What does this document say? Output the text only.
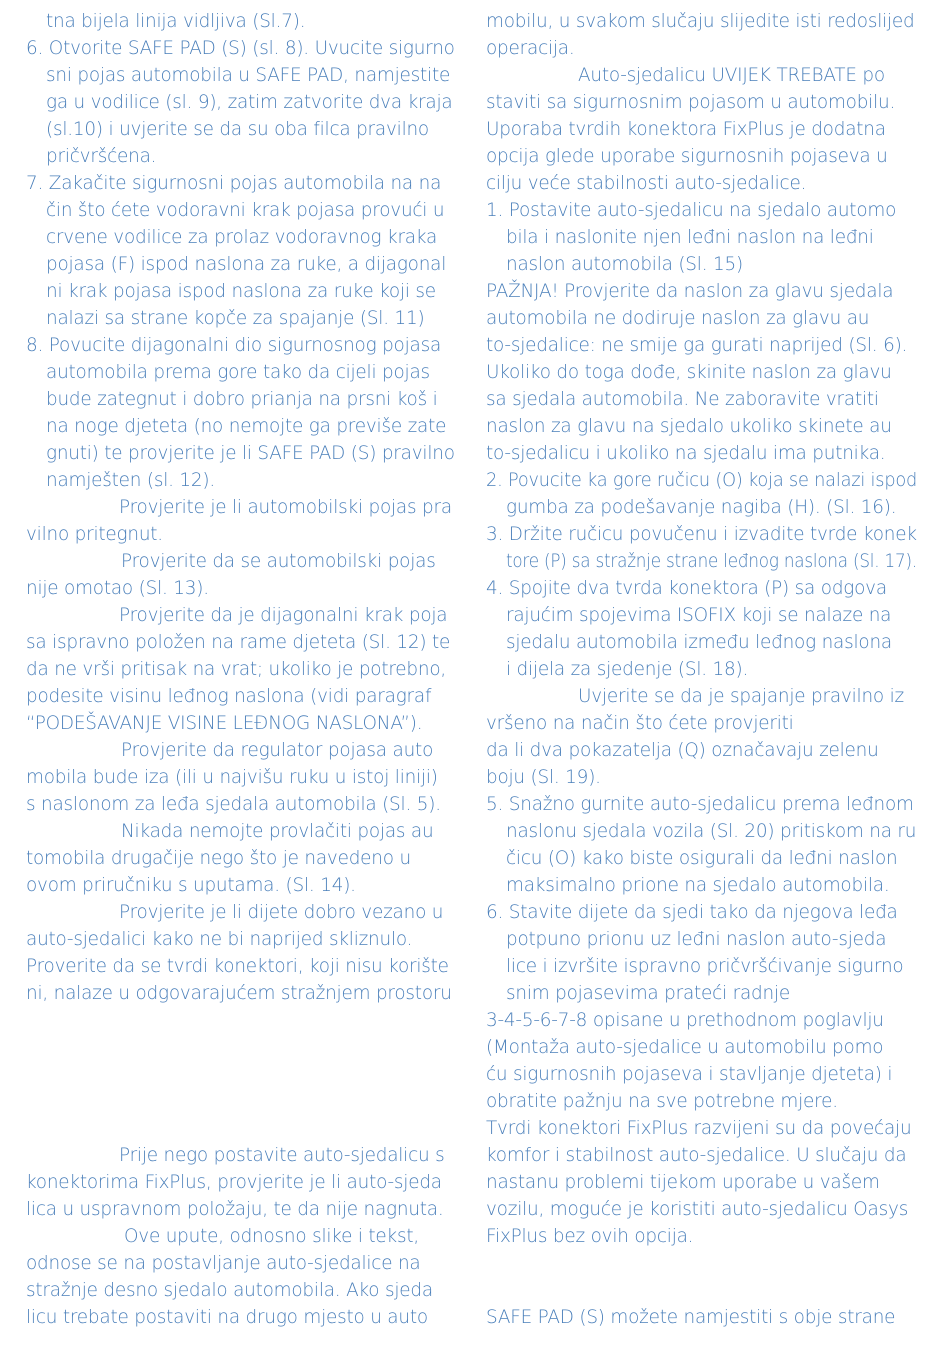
tna bijela linija vidljiva (Sl.7).
6. Otvorite SAFE PAD (S) (sl. 8). Uvucite sigurno
sni pojas automobila u SAFE PAD, namjestite
ga u vodilice (sl. 9), zatim zatvorite dva kraja
(sl.10) i uvjerite se da su oba filca pravilno
pričvršćena.
7. Zakačite sigurnosni pojas automobila na na
čin što ćete vodoravni krak pojasa provući u
crvene vodilice za prolaz vodoravnog kraka
pojasa (F) ispod naslona za ruke, a dijagonal
ni krak pojasa ispod naslona za ruke koji se
nalazi sa strane kopče za spajanje (Sl. 11)
8. Povucite dijagonalni dio sigurnosnog pojasa
automobila prema gore tako da cijeli pojas
bude zategnut i dobro prianja na prsni koš i
na noge djeteta (no nemojte ga previše zate
gnuti) te provjerite je li SAFE PAD (S) pravilno
namješten (sl. 12).
Provjerite je li automobilski pojas pra
vilno pritegnut.
Provjerite da se automobilski pojas
nije omotao (Sl. 13).
Provjerite da je dijagonalni krak poja
sa ispravno položen na rame djeteta (Sl. 12) te
da ne vrši pritisak na vrat; ukoliko je potrebno,
podesite visinu leđnog naslona (vidi paragraf
“PODEŠAVANJE VISINE LEĐNOG NASLONA”).
Provjerite da regulator pojasa auto
mobila bude iza (ili u najvišu ruku u istoj liniji)
s naslonom za leđa sjedala automobila (Sl. 5).
Nikada nemojte provlačiti pojas au
tomobila drugačije nego što je navedeno u
ovom priručniku s uputama. (Sl. 14).
Provjerite je li dijete dobro vezano u
auto-sjedalici kako ne bi naprijed skliznulo.
Proverite da se tvrdi konektori, koji nisu korište
ni, nalaze u odgovarajućem stražnjem prostoru
Prije nego postavite auto-sjedalicu s
konektorima FixPlus, provjerite je li auto-sjeda
lica u uspravnom položaju, te da nije nagnuta.
Ove upute, odnosno slike i tekst,
odnose se na postavljanje auto-sjedalice na
stražnje desno sjedalo automobila. Ako sjeda
licu trebate postaviti na drugo mjesto u auto
mobilu, u svakom slučaju slijedite isti redoslijed
operacija.
Auto-sjedalicu UVIJEK TREBATE po
staviti sa sigurnosnim pojasom u automobilu.
Uporaba tvrdih konektora FixPlus je dodatna
opcija glede uporabe sigurnosnih pojaseva u
cilju veće stabilnosti auto-sjedalice.
1. Postavite auto-sjedalicu na sjedalo automo
bila i naslonite njen leđni naslon na leđni
naslon automobila (Sl. 15)
PAŽNJA! Provjerite da naslon za glavu sjedala
automobila ne dodiruje naslon za glavu au
to-sjedalice: ne smije ga gurati naprijed (Sl. 6).
Ukoliko do toga dođe, skinite naslon za glavu
sa sjedala automobila. Ne zaboravite vratiti
naslon za glavu na sjedalo ukoliko skinete au
to-sjedalicu i ukoliko na sjedalu ima putnika.
2. Povucite ka gore ručicu (O) koja se nalazi ispod
gumba za podešavanje nagiba (H). (Sl. 16).
3. Držite ručicu povučenu i izvadite tvrde konek
tore (P) sa stražnje strane leđnog naslona (Sl. 17).
4. Spojite dva tvrda konektora (P) sa odgova
rajućim spojevima ISOFIX koji se nalaze na
sjedalu automobila između leđnog naslona
i dijela za sjedenje (Sl. 18).
Uvjerite se da je spajanje pravilno iz
vršeno na način što ćete provjeriti
da li dva pokazatelja (Q) označavaju zelenu
boju (Sl. 19).
5. Snažno gurnite auto-sjedalicu prema leđnom
naslonu sjedala vozila (Sl. 20) pritiskom na ru
čicu (O) kako biste osigurali da leđni naslon
maksimalno prione na sjedalo automobila.
6. Stavite dijete da sjedi tako da njegova leđa
potpuno prionu uz leđni naslon auto-sjeda
lice i izvršite ispravno pričvršćivanje sigurno
snim pojasevima prateći radnje
3-4-5-6-7-8 opisane u prethodnom poglavlju
(Montaža auto-sjedalice u automobilu pomo
ću sigurnosnih pojaseva i stavljanje djeteta) i
obratite pažnju na sve potrebne mjere.
Tvrdi konektori FixPlus razvijeni su da povećaju
komfor i stabilnost auto-sjedalice. U slučaju da
nastanu problemi tijekom uporabe u vašem
vozilu, moguće je koristiti auto-sjedalicu Oasys
FixPlus bez ovih opcija.
SAFE PAD (S) možete namjestiti s obje strane
